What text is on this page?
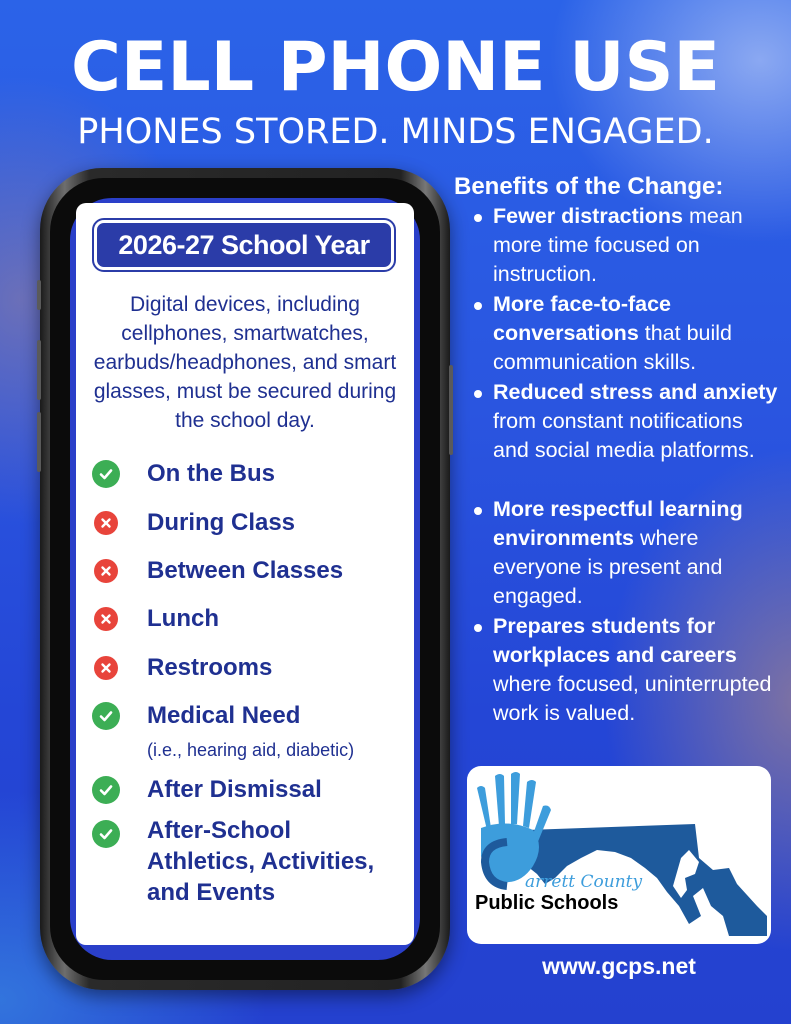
CELL PHONE USE
PHONES STORED. MINDS ENGAGED.
2026-27 School Year
Digital devices, including cellphones, smartwatches, earbuds/headphones, and smart glasses, must be secured during the school day.
On the Bus
During Class
Between Classes
Lunch
Restrooms
Medical Need
(i.e., hearing aid, diabetic)
After Dismissal
After-School
Athletics, Activities,
and Events
Benefits of the Change:
Fewer distractions mean more time focused on instruction.
More face-to-face conversations that build communication skills.
Reduced stress and anxiety from constant notifications and social media platforms.
More respectful learning environments where everyone is present and engaged.
Prepares students for workplaces and careers where focused, uninterrupted work is valued.
arrett County
Public Schools
www.gcps.net
